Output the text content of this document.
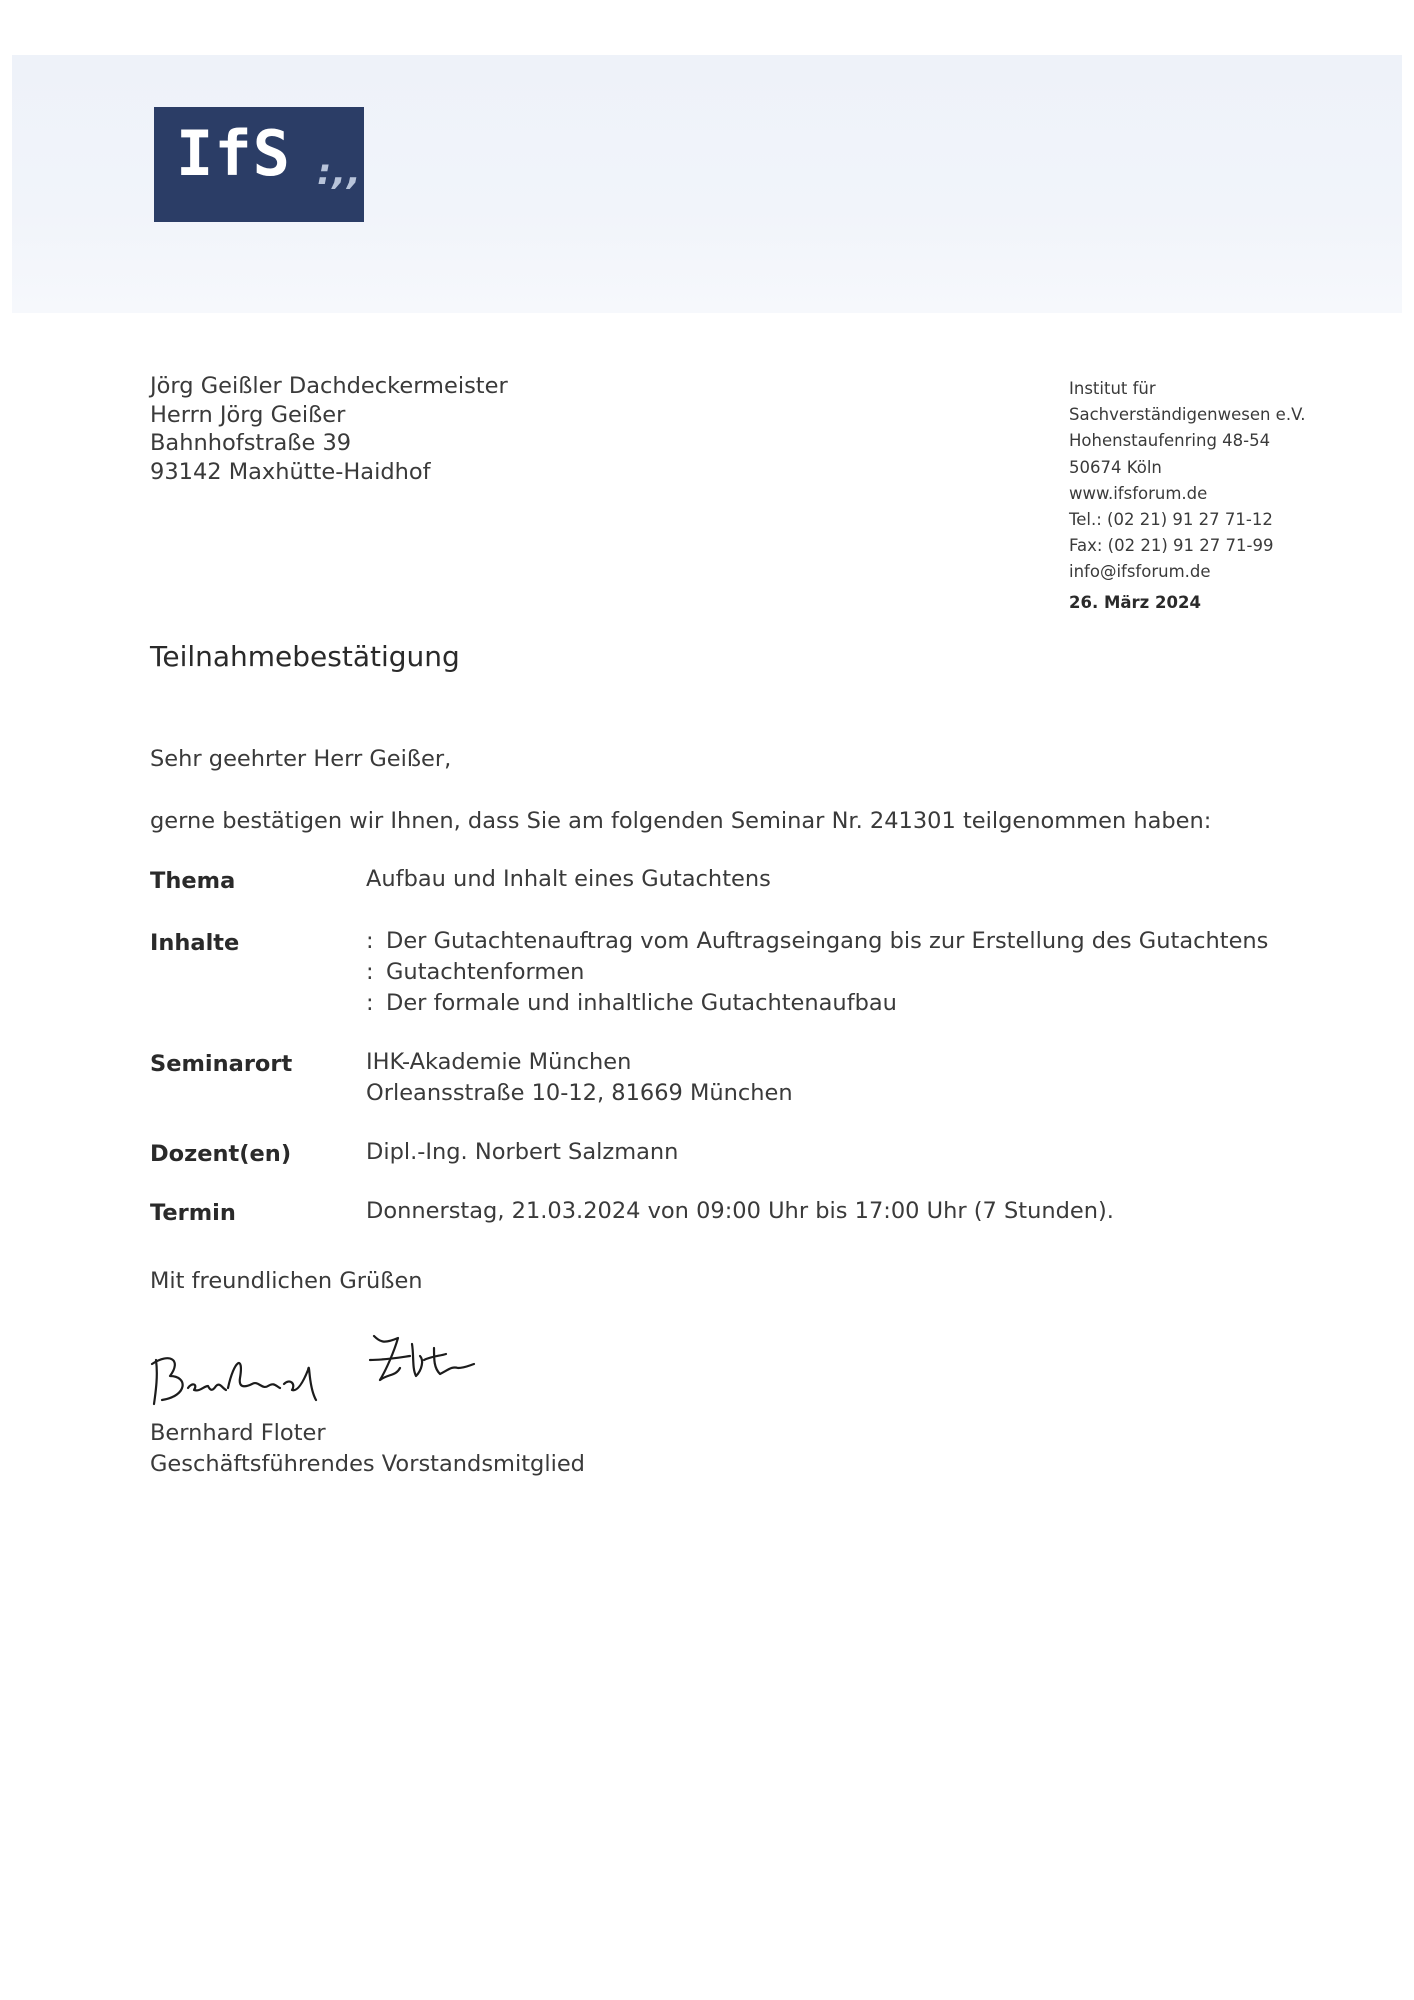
IfS :,,
Jörg Geißler Dachdeckermeister
Herrn Jörg Geißer
Bahnhofstraße 39
93142 Maxhütte-Haidhof
Institut für
Sachverständigenwesen e.V.
Hohenstaufenring 48-54
50674 Köln
www.ifsforum.de
Tel.: (02 21) 91 27 71-12
Fax: (02 21) 91 27 71-99
info@ifsforum.de
26. März 2024
Teilnahmebestätigung
Sehr geehrter Herr Geißer,
gerne bestätigen wir Ihnen, dass Sie am folgenden Seminar Nr. 241301 teilgenommen haben:
Thema	Aufbau und Inhalt eines Gutachtens
Inhalte	: Der Gutachtenauftrag vom Auftragseingang bis zur Erstellung des Gutachtens
: Gutachtenformen
: Der formale und inhaltliche Gutachtenaufbau
Seminarort	IHK-Akademie München
Orleansstraße 10-12, 81669 München
Dozent(en)	Dipl.-Ing. Norbert Salzmann
Termin	Donnerstag, 21.03.2024 von 09:00 Uhr bis 17:00 Uhr (7 Stunden).
Mit freundlichen Grüßen
Bernhard Floter
Bernhard Floter
Geschäftsführendes Vorstandsmitglied
